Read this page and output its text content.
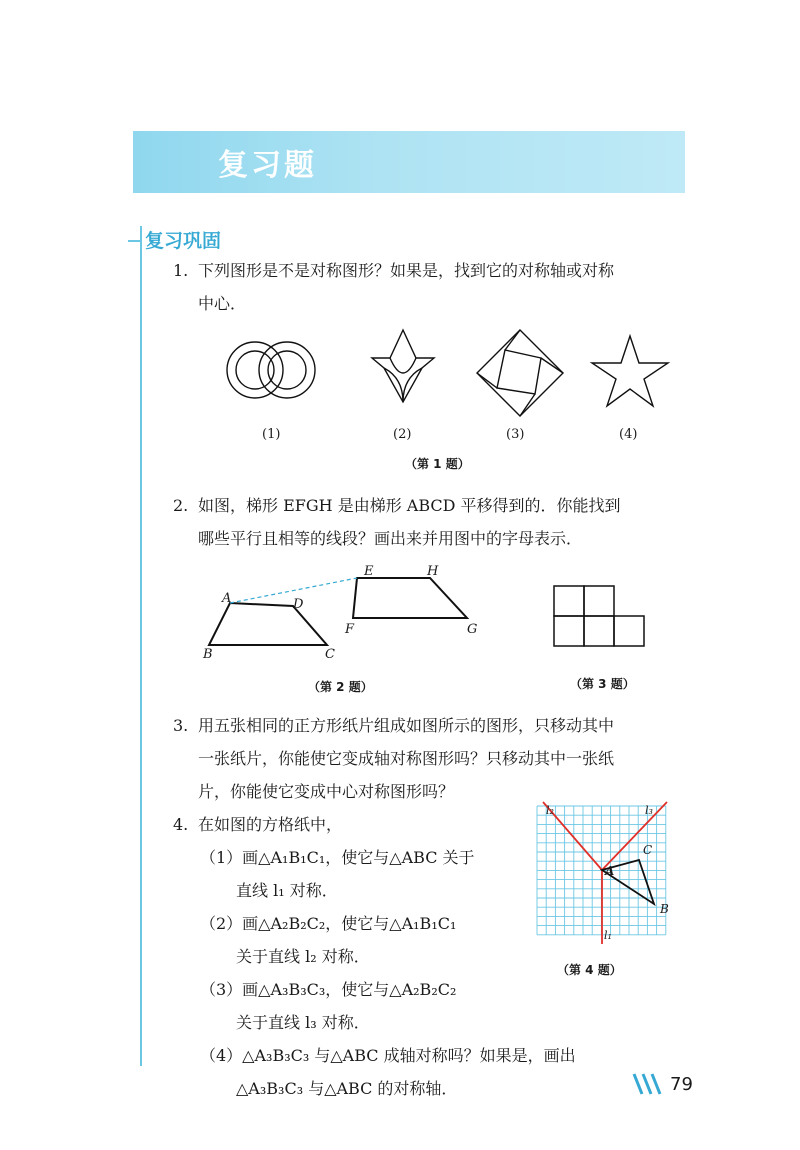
复习题
复习巩固
1. 下列图形是不是对称图形？如果是，找到它的对称轴或对称
中心．
(1)	(2)	(3)	(4)
（第 1 题）
2. 如图，梯形 EFGH 是由梯形 ABCD 平移得到的．你能找到
哪些平行且相等的线段？画出来并用图中的字母表示．
A	D
B	C
E	H
F	G
（第 2 题）	（第 3 题）
3. 用五张相同的正方形纸片组成如图所示的图形，只移动其中
一张纸片，你能使它变成轴对称图形吗？只移动其中一张纸
片，你能使它变成中心对称图形吗？
4. 在如图的方格纸中，
（1）画△A₁B₁C₁，使它与△ABC 关于
直线 l₁ 对称．
（2）画△A₂B₂C₂，使它与△A₁B₁C₁
关于直线 l₂ 对称．
（3）画△A₃B₃C₃，使它与△A₂B₂C₂
关于直线 l₃ 对称．
（4）△A₃B₃C₃ 与△ABC 成轴对称吗？如果是，画出
△A₃B₃C₃ 与△ABC 的对称轴．
l₂	l₃
l₁
A
C
B
（第 4 题）
79
